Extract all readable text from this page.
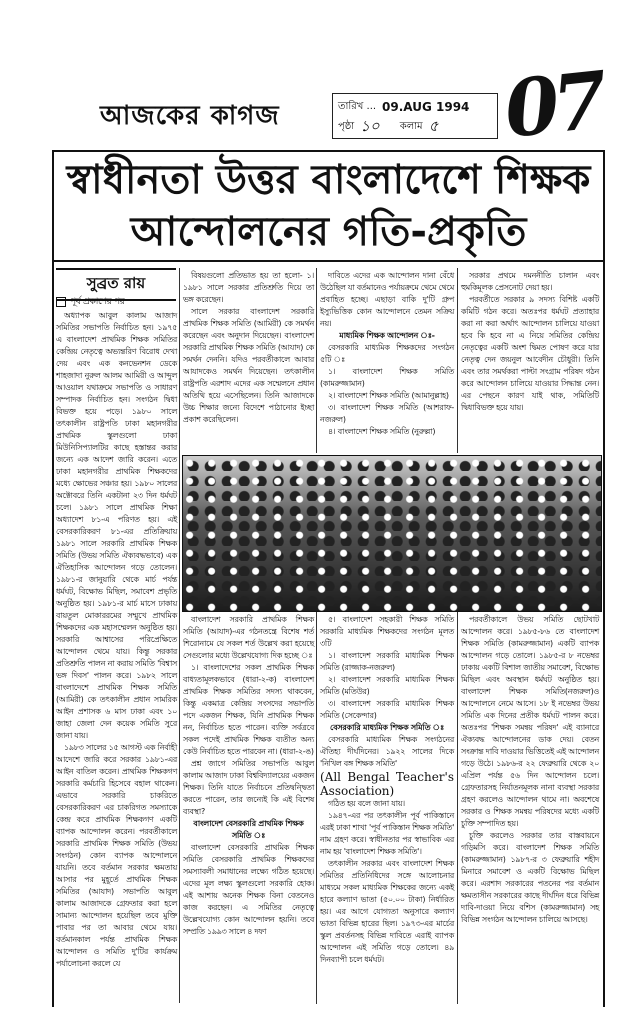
আজকের কাগজ	তারিখ ... 09.AUG 1994
পৃষ্ঠা ১০ কলাম ৫ 07
স্বাধীনতা উত্তর বাংলাদেশে শিক্ষক
আন্দোলনের গতি-প্রকৃতি
সুব্রত রায়
পূর্ব প্রকাশের পর

অধ্যাপক আবুল কালাম আজাদ সমিতির সভাপতি নির্বাচিত হন। ১৯৭৫ এ বাংলাদেশ প্রাথমিক শিক্ষক সমিতির কেন্দ্রিয় নেতৃত্বে অভ্যন্তরিণ বিরোধ দেখা দেয় এবং এক কনভেনশন ডেকে শাহজাদা নুরুল আলম আমিরী ও আব্দুল আওয়াল যথাক্রমে সভাপতি ও সাধারণ সম্পাদক নির্বাচিত হন। সংগঠন দ্বিধা বিভক্ত হয়ে পড়ে। ১৯৮০ সালে তৎকালীন রাষ্ট্রপতি ঢাকা মহানগরীর প্রাথমিক স্কুলগুলো ঢাকা মিউনিসিপ্যালটির কাছে হস্তান্তর করার জন্যে এক আদেশ জারি করেন। এতে ঢাকা মহানগরীর প্রাথমিক শিক্ষকদের মধ্যে ক্ষোভের সঞ্চার হয়। ১৯৮০ সালের অক্টোবরে তিনি একটানা ২৩ দিন ধর্মঘট চলে। ১৯৮১ সালে প্রাথমিক শিক্ষা অধ্যাদেশ ৮১-এ পরিণত হয়। এই বেসরকারিকরণ ৮১-এর প্রতিক্রিয়ায় ১৯৮১ সালে সরকারি প্রাথমিক শিক্ষক সমিতি (উভয় সমিতি ঐক্যবদ্ধভাবে) এক ঐতিহাসিক আন্দোলন গড়ে তোলেন। ১৯৮১-র জানুয়ারি থেকে মার্চ পর্যন্ত ধর্মঘট, বিক্ষোভ মিছিল, সমাবেশ প্রভৃতি অনুষ্ঠিত হয়। ১৯৮১-র মার্চ মাসে ঢাকায় বায়তুল মোকাররমের সম্মুখে প্রাথমিক শিক্ষকদের এক মহাসম্মেলন অনুষ্ঠিত হয়। সরকারি আশ্বাসের পরিপ্রেক্ষিতে আন্দোলন থেমে যায়। কিন্তু সরকার প্রতিশ্রুতি পালন না করায় সমিতি 'বিশ্বাস ভঙ্গ দিবস' পালন করে। ১৯৮২ সালে বাংলাদেশে প্রাথমিক শিক্ষক সমিতি (আমিরী) কে তৎকালীন প্রধান সামরিক আইন প্রশাসক ৬ মাস ঢাকা এবং ১০ জাহা জেলা দেন কয়েক সমিতি সুরে জানা যায়।

১৯৮৩ সালের ১৫ আগস্ট এক নির্বাহী আদেশে জারি করে সরকার ১৯৮১-এর আইন বাতিল করেন। প্রাথমিক শিক্ষকগণ সরকারি কর্মচারি হিসেবে বহাল থাকেন। এভাবে সরকারি চাকরিতে বেসরকারিকরণ এর চাকরিগত সমস্যাকে কেন্দ্র করে প্রাথমিক শিক্ষকগণ একটি ব্যাপক আন্দোলন করেন। পরবর্তীকালে সরকারি প্রাথমিক শিক্ষক সমিতি (উভয় সংগঠন) কোন ব্যাপক আন্দোলনে যায়নি। তবে বর্তমান সরকার ক্ষমতায় আসার পর মুহূর্তে প্রাথমিক শিক্ষক সমিতির (আযাদ) সভাপতি আবুল কালাম আজাদকে গ্রেফতার করা হলে সামান্য আন্দোলন হয়েছিল তবে মুক্তি পাবার পর তা আবার থেমে যায়। বর্তমানকাল পর্যন্ত প্রাথমিক শিক্ষক আন্দোলন ও সমিতি দু'টির কার্যক্রম পর্যালোচনা করলে যে

বিষয়গুলো প্রতিভাত হয় তা হলো- ১। ১৯৮১ সালে সরকার প্রতিশ্রুতি দিয়ে তা ভঙ্গ করেছেন।

সালে সরকার বাংলাদেশ সরকারি প্রাথমিক শিক্ষক সমিতি (আমিরী) কে সমর্থন করেছেন এবং অনুদান দিয়েছেন। বাংলাদেশ সরকারি প্রাথমিক শিক্ষক সমিতি (আযাদ) কে সমর্থন দেননি। যদিও পরবর্তীকালে আবার আযাদকেও সমর্থন দিয়েছেন। তৎকালীন রাষ্ট্রপতি এরশাদ এদের এক সম্মেলনে প্রধান অতিথি হয়ে এসেছিলেন। তিনি আজাদকে উচ্চ শিক্ষার জন্যে বিদেশে পাঠানোর ইচ্ছা প্রকাশ করেছিলেন।

দাবিতে এদের এক আন্দোলন দানা বেঁধে উঠেছিল যা বর্তমানেও পর্যায়ক্রমে থেমে থেমে প্রবাহিত হচ্ছে। এছাড়া বাকি দু'টি গ্রুপ ইস্যুভিত্তিক কোন আন্দোলনে তেমন সক্রিয় নয়।

মাধ্যমিক শিক্ষক আন্দোলন ঃ-

বেসরকারি মাধ্যমিক শিক্ষকদের সংগঠন ৫টি ঃ

১। বাংলাদেশ শিক্ষক সমিতি (কামরুজ্জামান)

২। বাংলাদেশ শিক্ষক সমিতি (আমানুল্লাহ)

৩। বাংলাদেশ শিক্ষক সমিতি (আশরাফ-নজরুল)

৪। বাংলাদেশ শিক্ষক সমিতি (নুরুল্লা)

সরকার প্রথমে দমননীতি চালান এবং হুমকিমূলক প্রেসনোট দেয়া হয়।

পরবর্তীতে সরকার ৯ সদস্য বিশিষ্ট একটি কমিটি গঠন করে। অতঃপর ধর্মঘট প্রত্যাহার করা না করা অর্থাৎ আন্দোলন চালিয়ে যাওয়া হবে কি হবে না এ নিয়ে সমিতির কেন্দ্রিয় নেতৃত্বের একটি অংশ দ্বিমত পোষণ করে যার নেতৃত্ব দেন জয়নুল আবেদীন চৌধুরী। তিনি এবং তার সমর্থকরা পাল্টা সংগ্রাম পরিষদ গঠন করে আন্দোলন চালিয়ে যাওয়ার সিদ্ধান্ত নেন। এর পেছনে কারণ যাই থাক, সমিতিটি দ্বিধাবিভক্ত হয়ে যায়।

বাংলাদেশ সরকারি প্রাথমিক শিক্ষক সমিতি (আযাদ)-এর গঠনতন্ত্রে বিশেষ শর্ত শিরোনামে যে সকল শর্ত উল্লেখ করা হয়েছে সেগুলোর মধ্যে উল্লেখযোগ্য দিক হচ্ছে ঃ

১। বাংলাদেশের সকল প্রাথমিক শিক্ষক বাধ্যতামূলকভাবে (ধারা-২-ক) বাংলাদেশ প্রাথমিক শিক্ষক সমিতির সদস্য থাকবেন, কিন্তু একমাত্র কেন্দ্রিয় সংসদের সভাপতি পদে একজন শিক্ষক, যিনি প্রাথমিক শিক্ষক নন, নির্বাচিত হতে পারেন। ব্যক্তি সর্বত্রবে সকল পদেই প্রাথমিক শিক্ষক ব্যতীত অন্য কেউ নির্বাচিত হতে পারবেন না। (ধারা-২-ঙ)

প্রশ্ন জাগে সমিতির সভাপতি আবুল কালাম আজাদ ঢাকা বিশ্ববিদ্যালয়ের একজন শিক্ষক। তিনি যাতে নির্বাচনে প্রতিদ্বন্দ্বিতা করতে পারেন, তার জন্যেই কি এই বিশেষ ব্যবস্থা?

বাংলাদেশ বেসরকারি প্রাথমিক শিক্ষক সমিতি ঃ

বাংলাদেশ বেসরকারি প্রাথমিক শিক্ষক সমিতি বেসরকারি প্রাথমিক শিক্ষকদের সমস্যাবলী সমাধানের লক্ষ্যে গঠিত হয়েছে। এদের মূল লক্ষ্য স্কুলগুলো সরকারি হোক। এই আশায় অনেক শিক্ষক বিনা বেতনেও কাজ করছেন। এ সমিতির নেতৃত্বে উল্লেখযোগ্য কোন আন্দোলন হয়নি। তবে সম্প্রতি ১৯৯৩ সালে ৪ দফা

৫। বাংলাদেশ সহকারী শিক্ষক সমিতি সরকারি মাধ্যমিক শিক্ষকদের সংগঠন মূলত ৩টি

১। বাংলাদেশ সরকারি মাধ্যমিক শিক্ষক সমিতি (রাজ্জাক-নজরুল)

২। বাংলাদেশ সরকারি মাধ্যমিক শিক্ষক সমিতি (মতিউর)

৩। বাংলাদেশ সরকারি মাধ্যমিক শিক্ষক সমিতি (সেকেন্দার)

বেসরকারি মাধ্যমিক শিক্ষক সমিতি ঃ

বেসরকারি মাধ্যমিক শিক্ষক সংগঠনের ঐতিহ্য দীর্ঘদিনের। ১৯২২ সালের দিকে 'নিখিল বঙ্গ শিক্ষক সমিতি'

(All Bengal Teacher's Association)

গঠিত হয় বলে জানা যায়।

১৯৪৭-এর পর তৎকালীন পূর্ব পাকিস্তানে এরই ঢাকা শাখা 'পূর্ব পাকিস্তান শিক্ষক সমিতি' নাম গ্রহণ করে। স্বাধীনতার পর স্বাভাবিক এর নাম হয় 'বাংলাদেশ শিক্ষক সমিতি'।

তৎকালীন সরকার এবং বাংলাদেশ শিক্ষক সমিতির প্রতিনিধিদের সঙ্গে আলোচনার মাধ্যমে সকল মাধ্যমিক শিক্ষকের জন্যে একই হারে কল্যাণ ভাতা (৫০.০০ টাকা) নির্ধারিত হয়। এর আগে যোগ্যতা অনুসারে কল্যাণ ভাতা বিভিন্ন হারের ছিল। ১৯৭৩-এর মার্চের স্কুল প্রবর্তনসহ বিভিন্ন দাবিতে এরাই ব্যাপক আন্দোলন এই সমিতি গড়ে তোলে। ৪৯ দিনব্যাপী চলে ধর্মঘট।

পরবর্তীকালে উভয় সমিতি ছোটখাট আন্দোলন করে। ১৯৮৫-৮৬ তে বাংলাদেশ শিক্ষক সমিতি (কামরুজ্জামান) একটি ব্যাপক আন্দোলন গড়ে তোলে। ১৯৮৫-র ৮ নভেম্বর ঢাকায় একটি বিশাল জাতীয় সমাবেশ, বিক্ষোভ মিছিল এবং অবস্থান ধর্মঘট অনুষ্ঠিত হয়। বাংলাদেশ শিক্ষক সমিতি(নজরুল)ও আন্দোলনে নেমে আসে। ১৮ ই নভেম্বর উভয় সমিতি এক দিনের প্রতীক ধর্মঘট পালন করে। অতঃপর 'শিক্ষক সমন্বয় পরিষদ' এই ব্যানারে ঐক্যবদ্ধ আন্দোলনের ডাক দেয়। বেতন সংক্রান্ত দাবি দাওয়ার ভিত্তিতেই এই আন্দোলন গড়ে উঠে। ১৯৮৬-র ২২ ফেব্রুয়ারি থেকে ২০ এপ্রিল পর্যন্ত ৫৬ দিন আন্দোলন চলে। গ্রেফতারসহ নির্যাতনমূলক নানা ব্যবস্থা সরকার গ্রহণ করলেও আন্দোলন থামে না। অবশেষে সরকার ও শিক্ষক সমন্বয় পরিষদের মধ্যে একটি চুক্তি সম্পাদিত হয়।

চুক্তি করলেও সরকার তার বাস্তবায়নে গড়িমসি করে। বাংলাদেশ শিক্ষক সমিতি (কামরুজ্জামান) ১৯৮৭-র ৩ ফেব্রুয়ারি শহীদ মিনারে সমাবেশ ও একটি বিক্ষোভ মিছিল করে। এরশাদ সরকারের পতনের পর বর্তমান ক্ষমতাসীন সরকারের কাছে দীর্ঘদিন ধরে বিভিন্ন দাবি-দাওয়া নিয়ে বশিস (কামরুজ্জামান) সহ বিভিন্ন সংগঠন আন্দোলন চালিয়ে আসছে।
